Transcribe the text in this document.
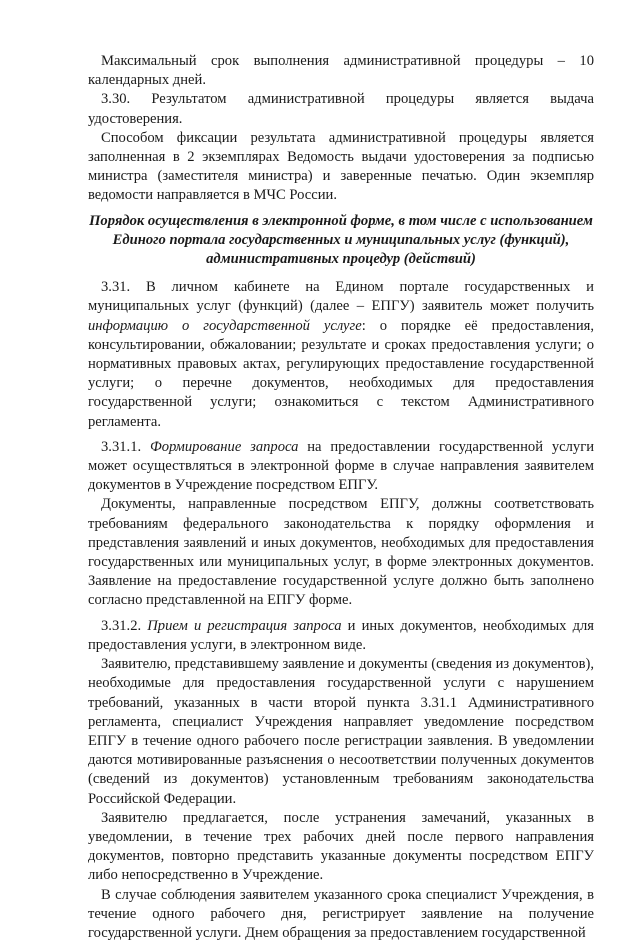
Максимальный срок выполнения административной процедуры – 10 календарных дней.

3.30. Результатом административной процедуры является выдача удостоверения.

Способом фиксации результата административной процедуры является заполненная в 2 экземплярах Ведомость выдачи удостоверения за подписью министра (заместителя министра) и заверенные печатью. Один экземпляр ведомости направляется в МЧС России.

Порядок осуществления в электронной форме, в том числе с использованием
Единого портала государственных и муниципальных услуг (функций),
административных процедур (действий)

3.31. В личном кабинете на Едином портале государственных и муниципальных услуг (функций) (далее – ЕПГУ) заявитель может получить информацию о государственной услуге: о порядке её предоставления, консультировании, обжаловании; результате и сроках предоставления услуги; о нормативных правовых актах, регулирующих предоставление государственной услуги; о перечне документов, необходимых для предоставления государственной услуги; ознакомиться с текстом Административного регламента.

3.31.1. Формирование запроса на предоставлении государственной услуги может осуществляться в электронной форме в случае направления заявителем документов в Учреждение посредством ЕПГУ.

Документы, направленные посредством ЕПГУ, должны соответствовать требованиям федерального законодательства к порядку оформления и представления заявлений и иных документов, необходимых для предоставления государственных или муниципальных услуг, в форме электронных документов. Заявление на предоставление государственной услуге должно быть заполнено согласно представленной на ЕПГУ форме.

3.31.2. Прием и регистрация запроса и иных документов, необходимых для предоставления услуги, в электронном виде.

Заявителю, представившему заявление и документы (сведения из документов), необходимые для предоставления государственной услуги с нарушением требований, указанных в части второй пункта 3.31.1 Административного регламента, специалист Учреждения направляет уведомление посредством ЕПГУ в течение одного рабочего после регистрации заявления. В уведомлении даются мотивированные разъяснения о несоответствии полученных документов (сведений из документов) установленным требованиям законодательства Российской Федерации.

Заявителю предлагается, после устранения замечаний, указанных в уведомлении, в течение трех рабочих дней после первого направления документов, повторно представить указанные документы посредством ЕПГУ либо непосредственно в Учреждение.

В случае соблюдения заявителем указанного срока специалист Учреждения, в течение одного рабочего дня, регистрирует заявление на получение государственной услуги. Днем обращения за предоставлением государственной
